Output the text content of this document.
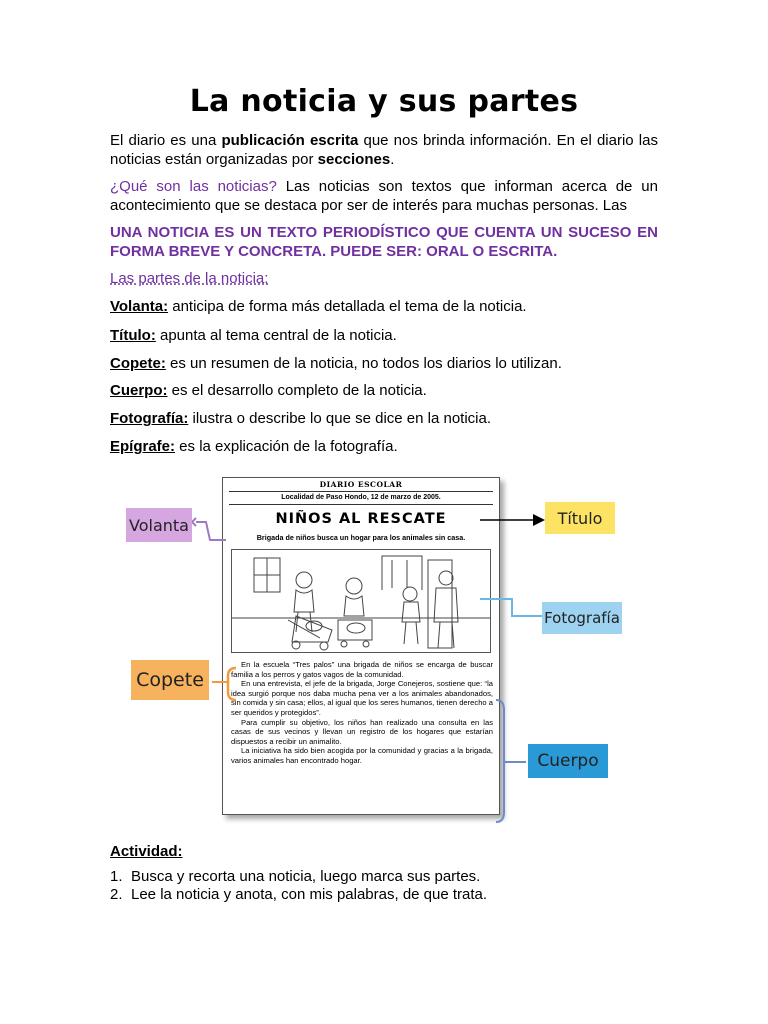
La noticia y sus partes

El diario es una publicación escrita que nos brinda información. En el diario las noticias están organizadas por secciones.

¿Qué son las noticias? Las noticias son textos que informan acerca de un acontecimiento que se destaca por ser de interés para muchas personas. Las

UNA NOTICIA ES UN TEXTO PERIODÍSTICO QUE CUENTA UN SUCESO EN FORMA BREVE Y CONCRETA. PUEDE SER: ORAL O ESCRITA.

Las partes de la noticia:

Volanta: anticipa de forma más detallada el tema de la noticia.

Título: apunta al tema central de la noticia.

Copete: es un resumen de la noticia, no todos los diarios lo utilizan.

Cuerpo: es el desarrollo completo de la noticia.

Fotografía: ilustra o describe lo que se dice en la noticia.

Epígrafe: es la explicación de la fotografía.

DIARIO ESCOLAR
Localidad de Paso Hondo, 12 de marzo de 2005.
NIÑOS AL RESCATE
Brigada de niños busca un hogar para los animales sin casa.

En la escuela “Tres palos” una brigada de niños se encarga de buscar familia a los perros y gatos vagos de la comunidad.

En una entrevista, el jefe de la brigada, Jorge Conejeros, sostiene que: “la idea surgió porque nos daba mucha pena ver a los animales abandonados, sin comida y sin casa; ellos, al igual que los seres humanos, tienen derecho a ser queridos y protegidos”.

Para cumplir su objetivo, los niños han realizado una consulta en las casas de sus vecinos y llevan un registro de los hogares que estarían dispuestos a recibir un animalito.

La iniciativa ha sido bien acogida por la comunidad y gracias a la brigada, varios animales han encontrado hogar.

Volanta	Título
Fotografía
Copete
Cuerpo

Actividad:

1. Busca y recorta una noticia, luego marca sus partes.
2. Lee la noticia y anota, con mis palabras, de que trata.
